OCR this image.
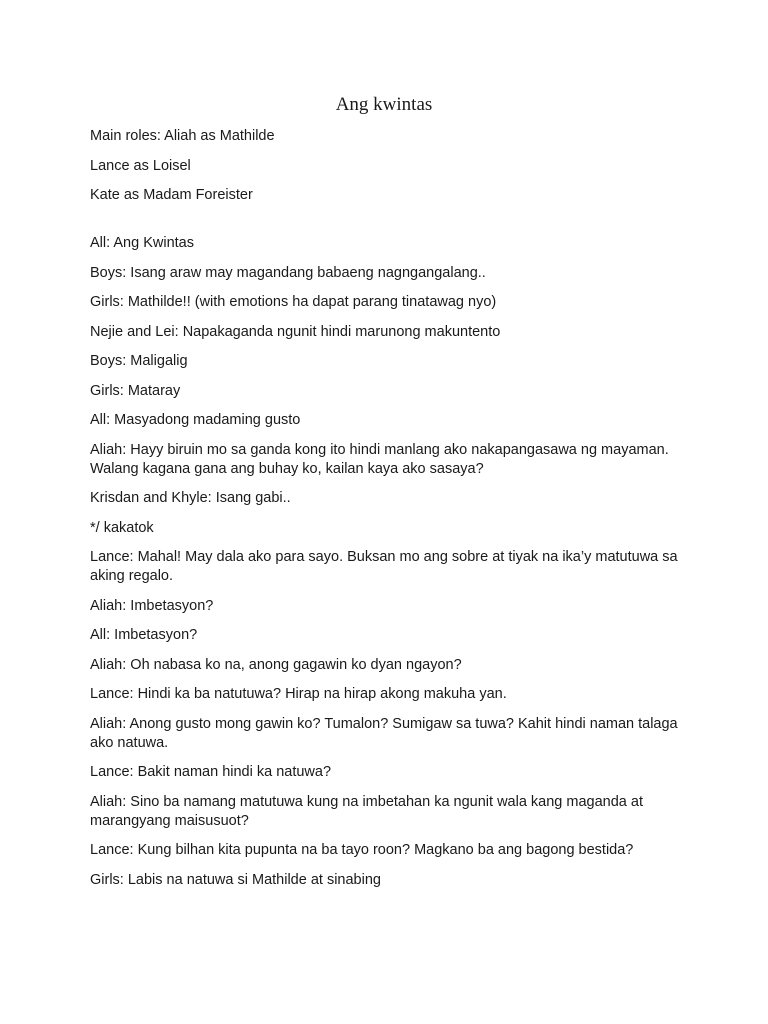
Ang kwintas

Main roles: Aliah as Mathilde

Lance as Loisel

Kate as Madam Foreister

All: Ang Kwintas

Boys: Isang araw may magandang babaeng nagngangalang..

Girls: Mathilde!! (with emotions ha dapat parang tinatawag nyo)

Nejie and Lei: Napakaganda ngunit hindi marunong makuntento

Boys: Maligalig

Girls: Mataray

All: Masyadong madaming gusto

Aliah: Hayy biruin mo sa ganda kong ito hindi manlang ako nakapangasawa ng mayaman. Walang kagana gana ang buhay ko, kailan kaya ako sasaya?

Krisdan and Khyle: Isang gabi..

*/ kakatok

Lance: Mahal! May dala ako para sayo. Buksan mo ang sobre at tiyak na ika’y matutuwa sa aking regalo.

Aliah: Imbetasyon?

All: Imbetasyon?

Aliah: Oh nabasa ko na, anong gagawin ko dyan ngayon?

Lance: Hindi ka ba natutuwa? Hirap na hirap akong makuha yan.

Aliah: Anong gusto mong gawin ko? Tumalon? Sumigaw sa tuwa? Kahit hindi naman talaga ako natuwa.

Lance: Bakit naman hindi ka natuwa?

Aliah: Sino ba namang matutuwa kung na imbetahan ka ngunit wala kang maganda at marangyang maisusuot?

Lance: Kung bilhan kita pupunta na ba tayo roon? Magkano ba ang bagong bestida?

Girls: Labis na natuwa si Mathilde at sinabing
